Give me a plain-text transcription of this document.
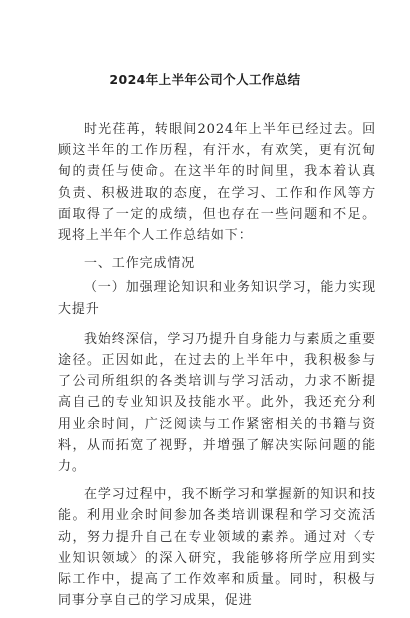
2024年上半年公司个人工作总结

时光荏苒，转眼间2024年上半年已经过去。回顾这半年的工作历程，有汗水，有欢笑，更有沉甸甸的责任与使命。在这半年的时间里，我本着认真负责、积极进取的态度，在学习、工作和作风等方面取得了一定的成绩，但也存在一些问题和不足。现将上半年个人工作总结如下：

一、工作完成情况

（一）加强理论知识和业务知识学习，能力实现大提升

我始终深信，学习乃提升自身能力与素质之重要途径。正因如此，在过去的上半年中，我积极参与了公司所组织的各类培训与学习活动，力求不断提高自己的专业知识及技能水平。此外，我还充分利用业余时间，广泛阅读与工作紧密相关的书籍与资料，从而拓宽了视野，并增强了解决实际问题的能力。

在学习过程中，我不断学习和掌握新的知识和技能。利用业余时间参加各类培训课程和学习交流活动，努力提升自己在专业领域的素养。通过对〈专业知识领域〉的深入研究，我能够将所学应用到实际工作中，提高了工作效率和质量。同时，积极与同事分享自己的学习成果，促进
